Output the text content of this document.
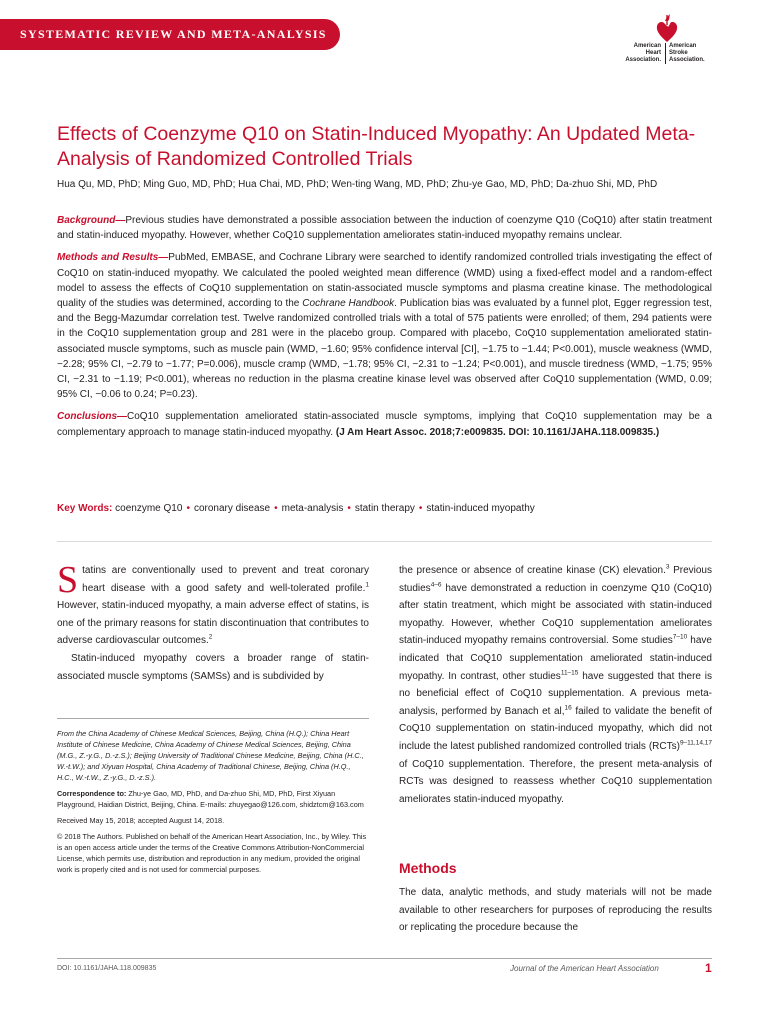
SYSTEMATIC REVIEW AND META-ANALYSIS
American
Heart
Association.
American
Stroke
Association.
Effects of Coenzyme Q10 on Statin-Induced Myopathy: An Updated Meta-Analysis of Randomized Controlled Trials
Hua Qu, MD, PhD; Ming Guo, MD, PhD; Hua Chai, MD, PhD; Wen-ting Wang, MD, PhD; Zhu-ye Gao, MD, PhD; Da-zhuo Shi, MD, PhD

Background—Previous studies have demonstrated a possible association between the induction of coenzyme Q10 (CoQ10) after statin treatment and statin-induced myopathy. However, whether CoQ10 supplementation ameliorates statin-induced myopathy remains unclear.

Methods and Results—PubMed, EMBASE, and Cochrane Library were searched to identify randomized controlled trials investigating the effect of CoQ10 on statin-induced myopathy. We calculated the pooled weighted mean difference (WMD) using a fixed-effect model and a random-effect model to assess the effects of CoQ10 supplementation on statin-associated muscle symptoms and plasma creatine kinase. The methodological quality of the studies was determined, according to the Cochrane Handbook. Publication bias was evaluated by a funnel plot, Egger regression test, and the Begg-Mazumdar correlation test. Twelve randomized controlled trials with a total of 575 patients were enrolled; of them, 294 patients were in the CoQ10 supplementation group and 281 were in the placebo group. Compared with placebo, CoQ10 supplementation ameliorated statin-associated muscle symptoms, such as muscle pain (WMD, −1.60; 95% confidence interval [CI], −1.75 to −1.44; P<0.001), muscle weakness (WMD, −2.28; 95% CI, −2.79 to −1.77; P=0.006), muscle cramp (WMD, −1.78; 95% CI, −2.31 to −1.24; P<0.001), and muscle tiredness (WMD, −1.75; 95% CI, −2.31 to −1.19; P<0.001), whereas no reduction in the plasma creatine kinase level was observed after CoQ10 supplementation (WMD, 0.09; 95% CI, −0.06 to 0.24; P=0.23).

Conclusions—CoQ10 supplementation ameliorated statin-associated muscle symptoms, implying that CoQ10 supplementation may be a complementary approach to manage statin-induced myopathy. (J Am Heart Assoc. 2018;7:e009835. DOI: 10.1161/JAHA.118.009835.)

Key Words: coenzyme Q10 • coronary disease • meta-analysis • statin therapy • statin-induced myopathy

Statins are conventionally used to prevent and treat coronary heart disease with a good safety and well-tolerated profile.$^1$ However, statin-induced myopathy, a main adverse effect of statins, is one of the primary reasons for statin discontinuation that contributes to adverse cardiovascular outcomes.$^2$

Statin-induced myopathy covers a broader range of statin-associated muscle symptoms (SAMSs) and is subdivided by

From the China Academy of Chinese Medical Sciences, Beijing, China (H.Q.); China Heart Institute of Chinese Medicine, China Academy of Chinese Medical Sciences, Beijing, China (M.G., Z.-y.G., D.-z.S.); Beijing University of Traditional Chinese Medicine, Beijing, China (H.C., W.-t.W.); and Xiyuan Hospital, China Academy of Traditional Chinese, Beijing, China (H.Q., H.C., W.-t.W., Z.-y.G., D.-z.S.).

Correspondence to: Zhu-ye Gao, MD, PhD, and Da-zhuo Shi, MD, PhD, First Xiyuan Playground, Haidian District, Beijing, China. E-mails: zhuyegao@126.com, shidztcm@163.com

Received May 15, 2018; accepted August 14, 2018.

© 2018 The Authors. Published on behalf of the American Heart Association, Inc., by Wiley. This is an open access article under the terms of the Creative Commons Attribution-NonCommercial License, which permits use, distribution and reproduction in any medium, provided the original work is properly cited and is not used for commercial purposes.

the presence or absence of creatine kinase (CK) elevation.$^3$ Previous studies$^{4-6}$ have demonstrated a reduction in coenzyme Q10 (CoQ10) after statin treatment, which might be associated with statin-induced myopathy. However, whether CoQ10 supplementation ameliorates statin-induced myopathy remains controversial. Some studies$^{7-10}$ have indicated that CoQ10 supplementation ameliorated statin-induced myopathy. In contrast, other studies$^{11-15}$ have suggested that there is no beneficial effect of CoQ10 supplementation. A previous meta-analysis, performed by Banach et al,$^{16}$ failed to validate the benefit of CoQ10 supplementation on statin-induced myopathy, which did not include the latest published randomized controlled trials (RCTs)$^{9-11,14,17}$ of CoQ10 supplementation. Therefore, the present meta-analysis of RCTs was designed to reassess whether CoQ10 supplementation ameliorates statin-induced myopathy.

Methods

The data, analytic methods, and study materials will not be made available to other researchers for purposes of reproducing the results or replicating the procedure because the

DOI: 10.1161/JAHA.118.009835	Journal of the American Heart Association	1
